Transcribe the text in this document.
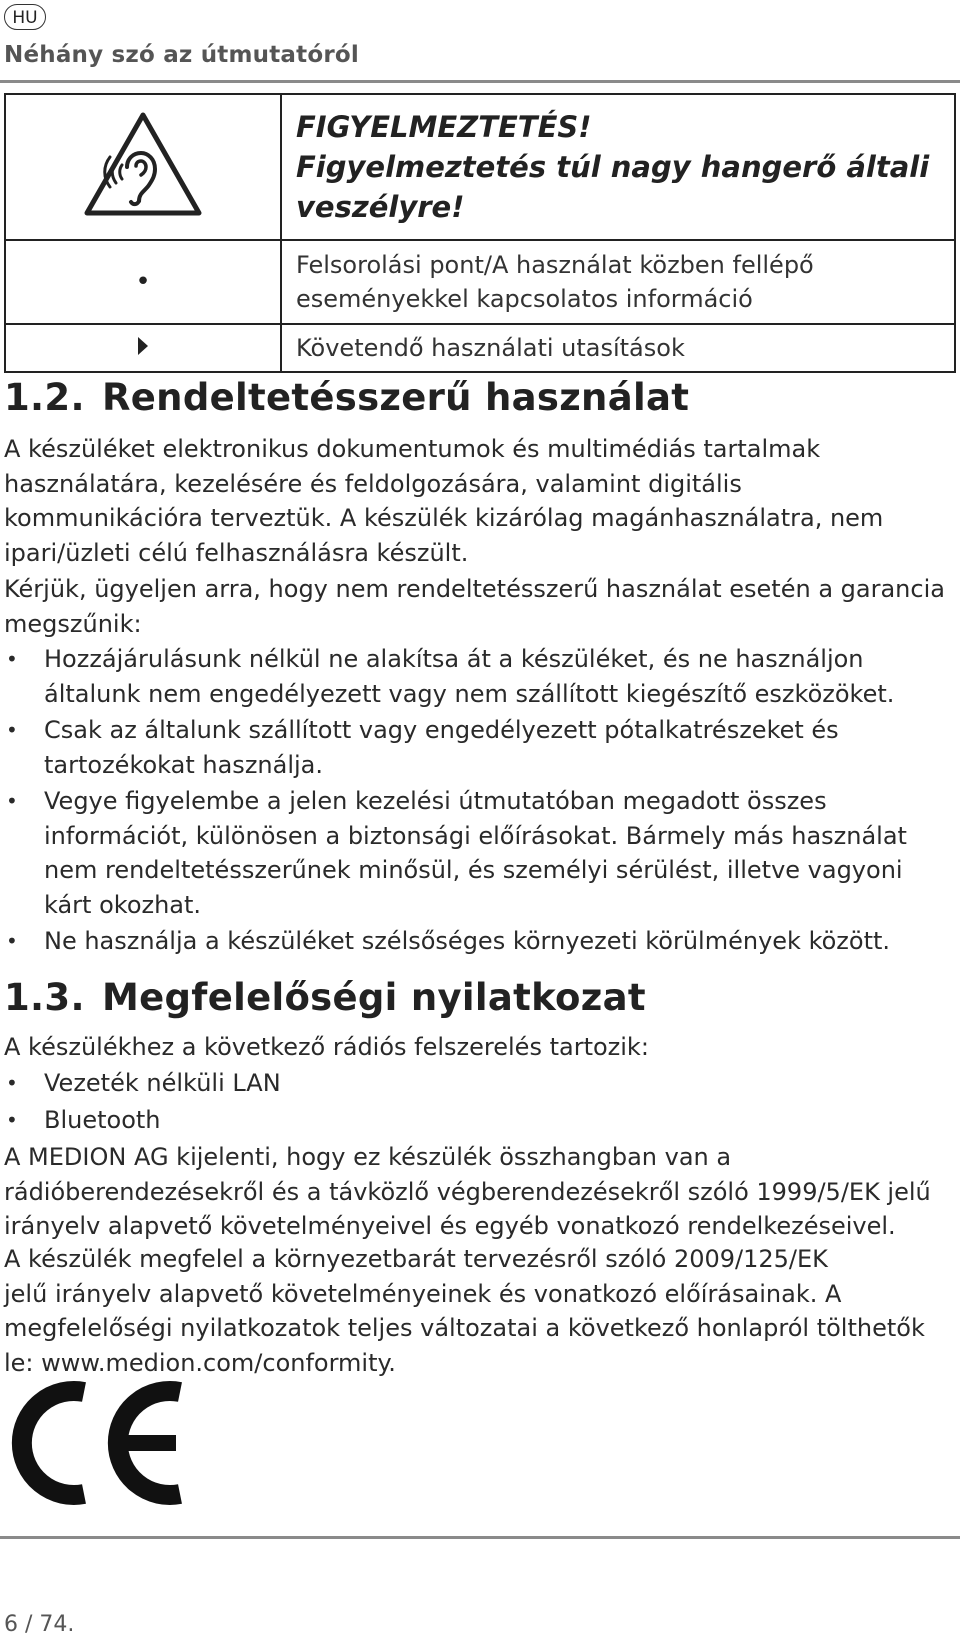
HU
Néhány szó az útmutatóról

FIGYELMEZTETÉS!
Figyelmeztetés túl nagy hangerő általi
veszélyre!

•	Felsorolási pont/A használat közben fellépő
eseményekkel kapcsolatos információ

Követendő használati utasítások
1.2. Rendeltetésszerű használat
A készüléket elektronikus dokumentumok és multimédiás tartalmak
használatára, kezelésére és feldolgozására, valamint digitális
kommunikációra terveztük. A készülék kizárólag magánhasználatra, nem
ipari/üzleti célú felhasználásra készült.
Kérjük, ügyeljen arra, hogy nem rendeltetésszerű használat esetén a garancia
megszűnik:
• Hozzájárulásunk nélkül ne alakítsa át a készüléket, és ne használjon
általunk nem engedélyezett vagy nem szállított kiegészítő eszközöket.
• Csak az általunk szállított vagy engedélyezett pótalkatrészeket és
tartozékokat használja.
• Vegye figyelembe a jelen kezelési útmutatóban megadott összes
információt, különösen a biztonsági előírásokat. Bármely más használat
nem rendeltetésszerűnek minősül, és személyi sérülést, illetve vagyoni
kárt okozhat.
• Ne használja a készüléket szélsőséges környezeti körülmények között.
1.3. Megfelelőségi nyilatkozat
A készülékhez a következő rádiós felszerelés tartozik:
• Vezeték nélküli LAN
• Bluetooth
A MEDION AG kijelenti, hogy ez készülék összhangban van a
rádióberendezésekről és a távközlő végberendezésekről szóló 1999/5/EK jelű
irányelv alapvető követelményeivel és egyéb vonatkozó rendelkezéseivel.
A készülék megfelel a környezetbarát tervezésről szóló 2009/125/EK
jelű irányelv alapvető követelményeinek és vonatkozó előírásainak. A
megfelelőségi nyilatkozatok teljes változatai a következő honlapról tölthetők
le: www.medion.com/conformity.
6 / 74.
